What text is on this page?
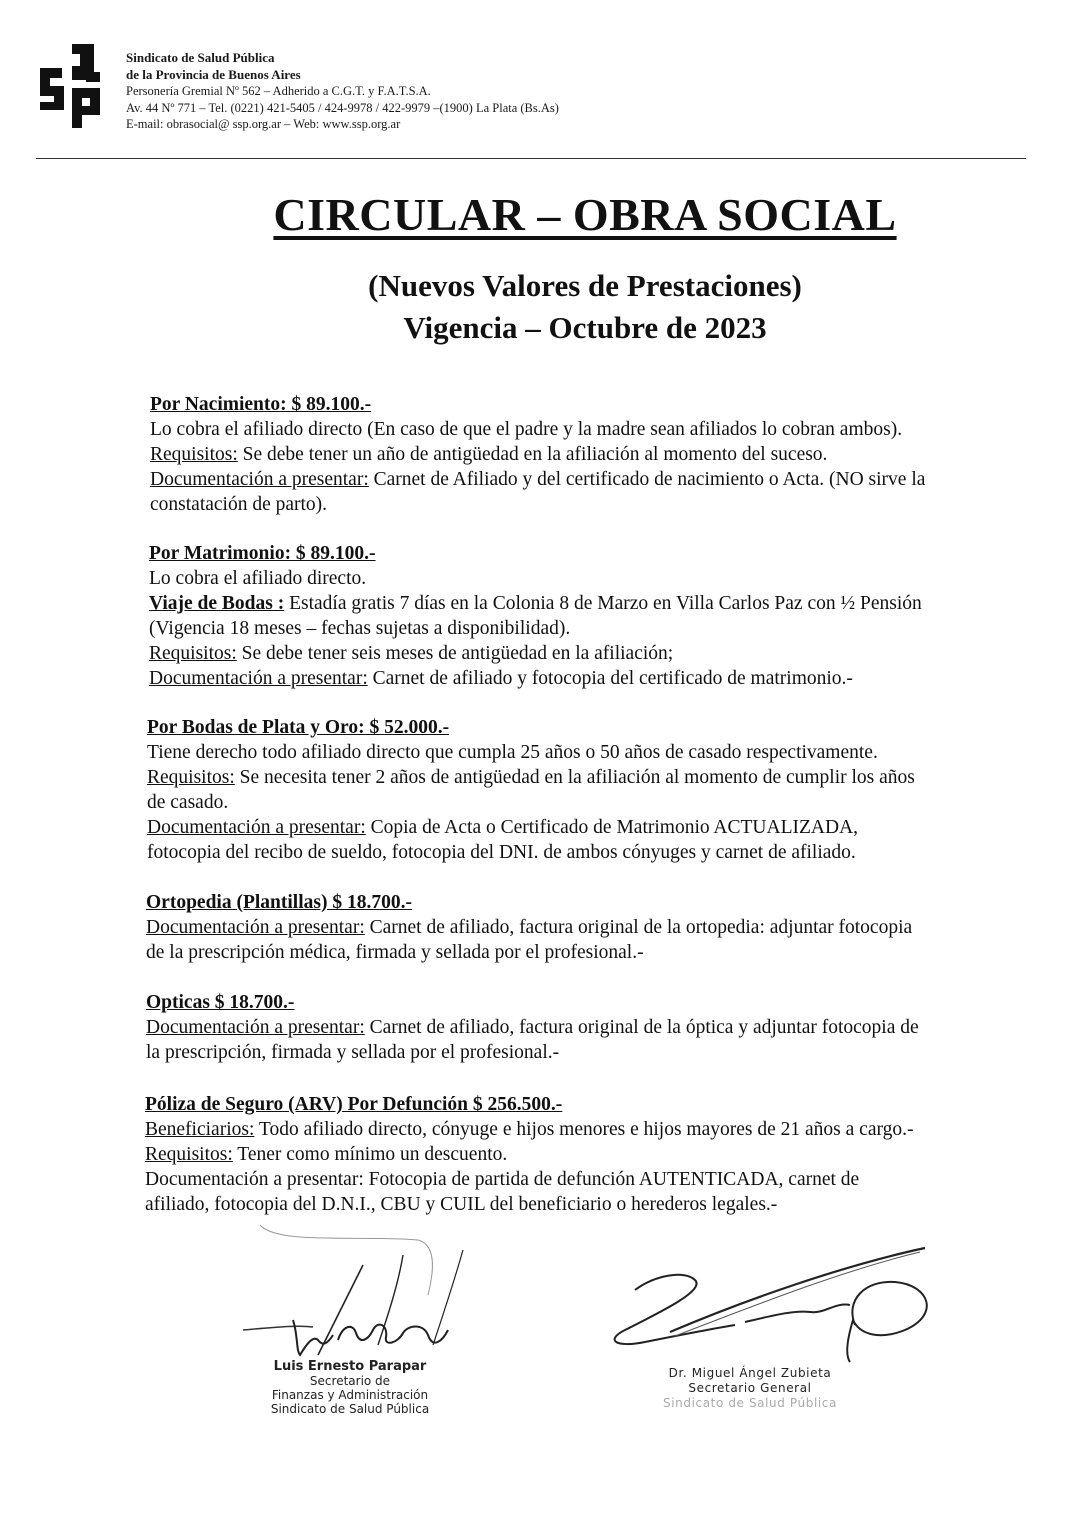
Sindicato de Salud Pública
de la Provincia de Buenos Aires
Personería Gremial Nº 562 – Adherido a C.G.T. y F.A.T.S.A.
Av. 44 Nº 771 – Tel. (0221) 421-5405 / 424-9978 / 422-9979 –(1900) La Plata (Bs.As)
E-mail: obrasocial@ ssp.org.ar – Web: www.ssp.org.ar
CIRCULAR – OBRA SOCIAL
(Nuevos Valores de Prestaciones)
Vigencia – Octubre de 2023
Por Nacimiento: $ 89.100.-
Lo cobra el afiliado directo (En caso de que el padre y la madre sean afiliados lo cobran ambos).
Requisitos: Se debe tener un año de antigüedad en la afiliación al momento del suceso.
Documentación a presentar: Carnet de Afiliado y del certificado de nacimiento o Acta. (NO sirve la
constatación de parto).
Por Matrimonio: $ 89.100.-
Lo cobra el afiliado directo.
Viaje de Bodas : Estadía gratis 7 días en la Colonia 8 de Marzo en Villa Carlos Paz con ½ Pensión
(Vigencia 18 meses – fechas sujetas a disponibilidad).
Requisitos: Se debe tener seis meses de antigüedad en la afiliación;
Documentación a presentar: Carnet de afiliado y fotocopia del certificado de matrimonio.-
Por Bodas de Plata y Oro: $ 52.000.-
Tiene derecho todo afiliado directo que cumpla 25 años o 50 años de casado respectivamente.
Requisitos: Se necesita tener 2 años de antigüedad en la afiliación al momento de cumplir los años
de casado.
Documentación a presentar: Copia de Acta o Certificado de Matrimonio ACTUALIZADA,
fotocopia del recibo de sueldo, fotocopia del DNI. de ambos cónyuges y carnet de afiliado.
Ortopedia (Plantillas) $ 18.700.-
Documentación a presentar: Carnet de afiliado, factura original de la ortopedia: adjuntar fotocopia
de la prescripción médica, firmada y sellada por el profesional.-
Opticas $ 18.700.-
Documentación a presentar: Carnet de afiliado, factura original de la óptica y adjuntar fotocopia de
la prescripción, firmada y sellada por el profesional.-
Póliza de Seguro (ARV) Por Defunción $ 256.500.-
Beneficiarios: Todo afiliado directo, cónyuge e hijos menores e hijos mayores de 21 años a cargo.-
Requisitos: Tener como mínimo un descuento.
Documentación a presentar: Fotocopia de partida de defunción AUTENTICADA, carnet de
afiliado, fotocopia del D.N.I., CBU y CUIL del beneficiario o herederos legales.-
Luis Ernesto Parapar
Secretario de
Finanzas y Administración
Sindicato de Salud Pública
Dr. Miguel Ángel Zubieta
Secretario General
Sindicato de Salud Pública
